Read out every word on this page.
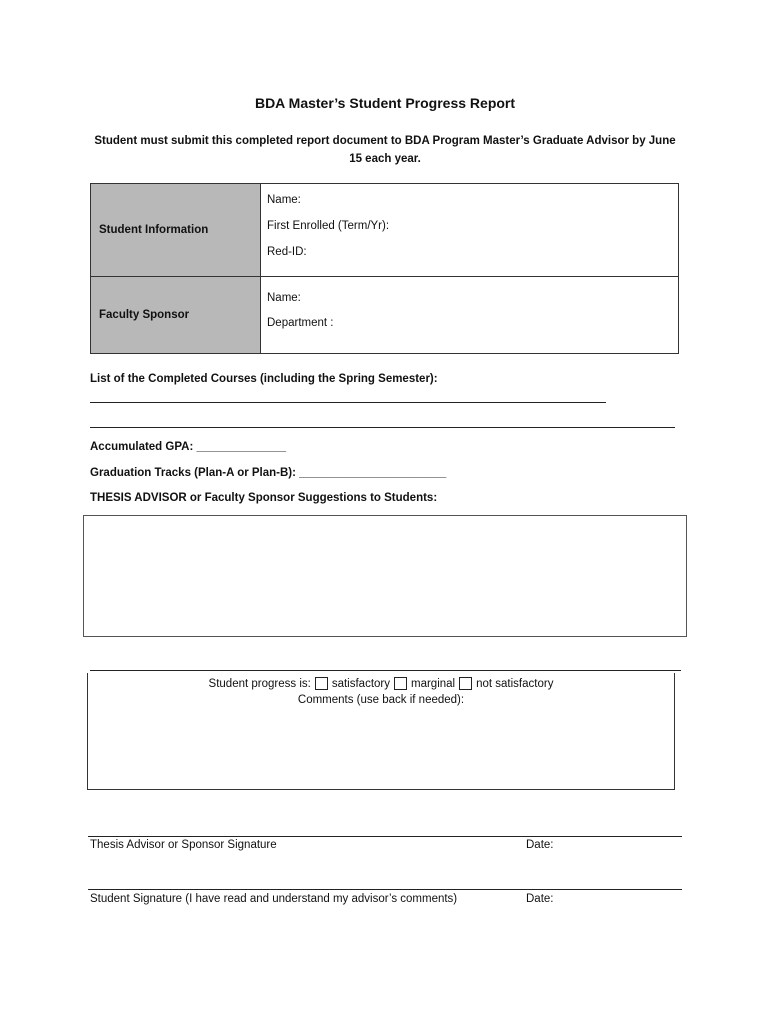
BDA Master’s Student Progress Report
Student must submit this completed report document to BDA Program Master’s Graduate Advisor by June 15 each year.
Student Information
Name:
First Enrolled (Term/Yr):
Red-ID:
Faculty Sponsor
Name:
Department :
List of the Completed Courses (including the Spring Semester):
Accumulated GPA: ______________
Graduation Tracks (Plan-A or Plan-B): _______________________
THESIS ADVISOR or Faculty Sponsor Suggestions to Students:
Student progress is: satisfactory marginal not satisfactory
Comments (use back if needed):
Thesis Advisor or Sponsor Signature	Date:
Student Signature (I have read and understand my advisor’s comments)	Date:
